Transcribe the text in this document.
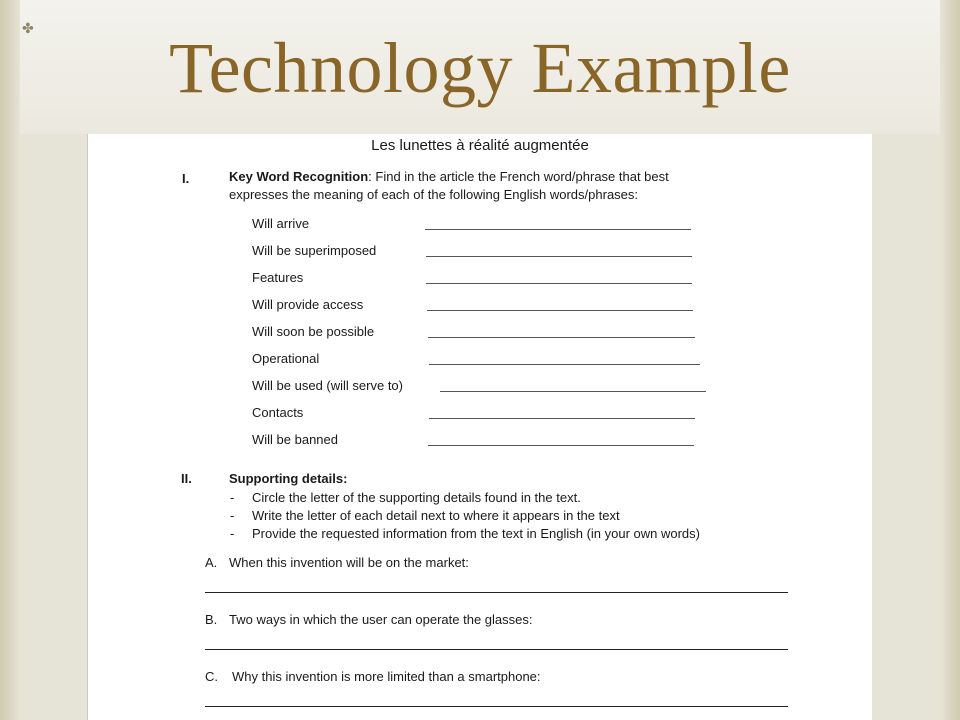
✤	Technology Example
Les lunettes à réalité augmentée
I.	Key Word Recognition: Find in the article the French word/phrase that best
expresses the meaning of each of the following English words/phrases:
Will arrive
Will be superimposed
Features
Will provide access
Will soon be possible
Operational
Will be used (will serve to)
Contacts
Will be banned
II.	Supporting details:
- Circle the letter of the supporting details found in the text.
- Write the letter of each detail next to where it appears in the text
- Provide the requested information from the text in English (in your own words)
A. When this invention will be on the market:
B. Two ways in which the user can operate the glasses:
C. Why this invention is more limited than a smartphone:
